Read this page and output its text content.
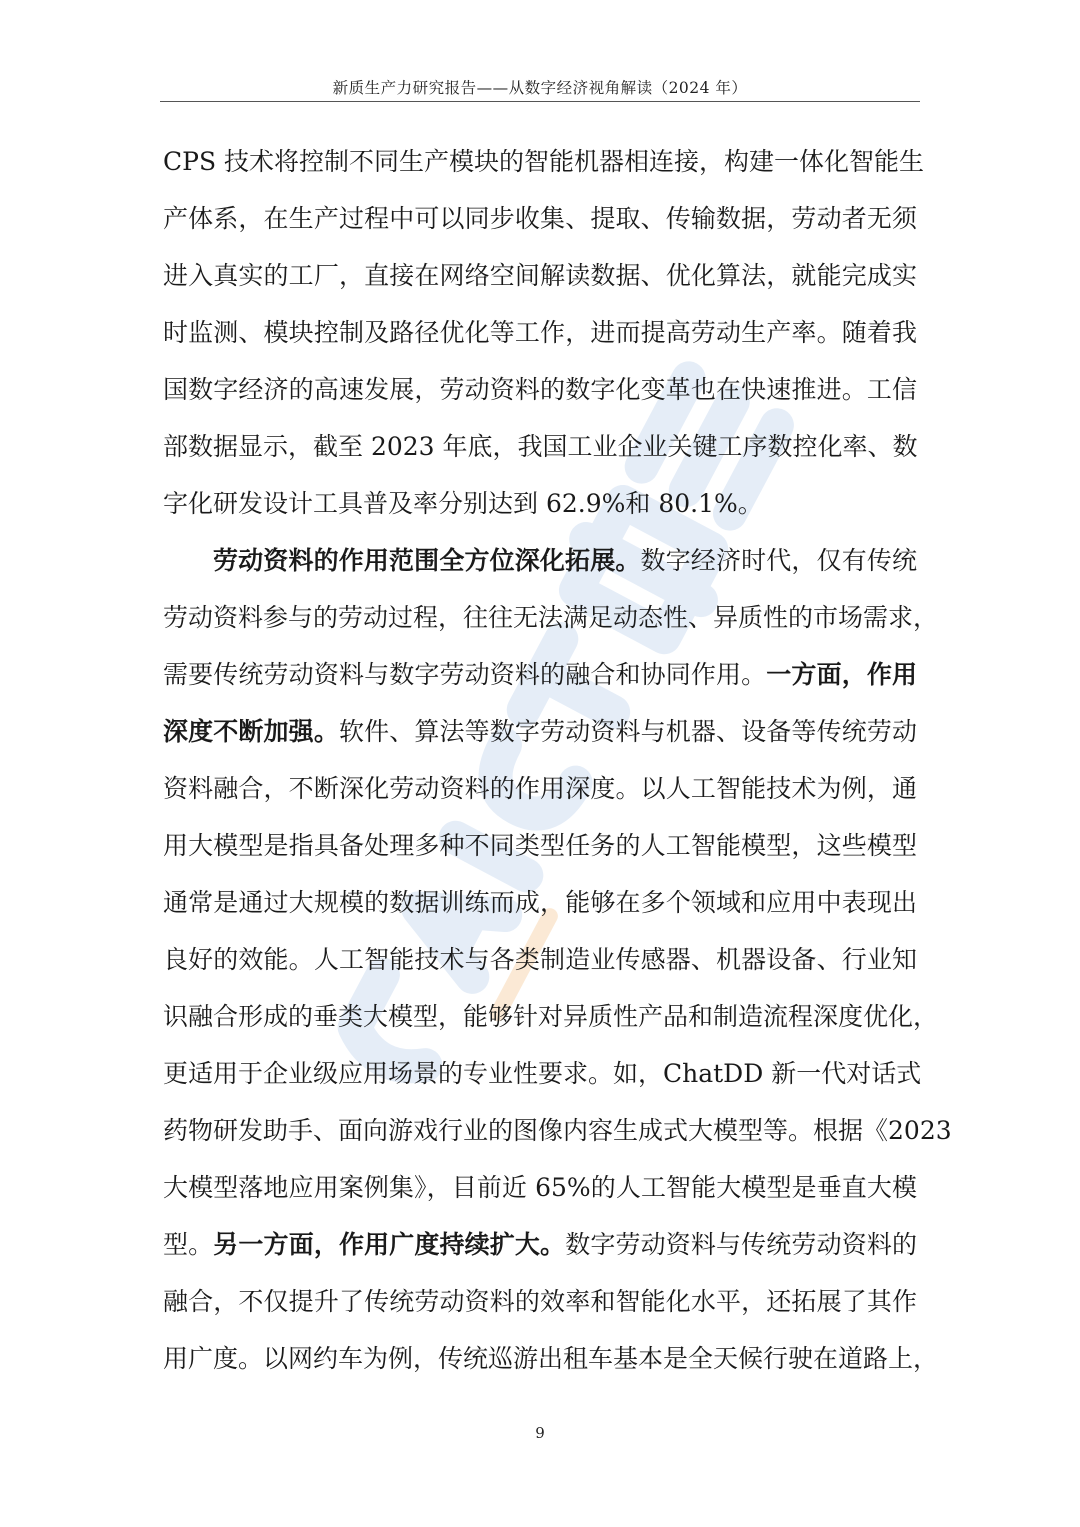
新质生产力研究报告——从数字经济视角解读（2024 年）
CPS 技术将控制不同生产模块的智能机器相连接，构建一体化智能生
产体系，在生产过程中可以同步收集、提取、传输数据，劳动者无须
进入真实的工厂，直接在网络空间解读数据、优化算法，就能完成实
时监测、模块控制及路径优化等工作，进而提高劳动生产率。随着我
国数字经济的高速发展，劳动资料的数字化变革也在快速推进。工信
部数据显示，截至 2023 年底，我国工业企业关键工序数控化率、数
字化研发设计工具普及率分别达到 62.9%和 80.1%。
劳动资料的作用范围全方位深化拓展。数字经济时代，仅有传统
劳动资料参与的劳动过程，往往无法满足动态性、异质性的市场需求，
需要传统劳动资料与数字劳动资料的融合和协同作用。一方面，作用
深度不断加强。软件、算法等数字劳动资料与机器、设备等传统劳动
资料融合，不断深化劳动资料的作用深度。以人工智能技术为例，通
用大模型是指具备处理多种不同类型任务的人工智能模型，这些模型
通常是通过大规模的数据训练而成，能够在多个领域和应用中表现出
良好的效能。人工智能技术与各类制造业传感器、机器设备、行业知
识融合形成的垂类大模型，能够针对异质性产品和制造流程深度优化，
更适用于企业级应用场景的专业性要求。如，ChatDD 新一代对话式
药物研发助手、面向游戏行业的图像内容生成式大模型等。根据《2023
大模型落地应用案例集》，目前近 65%的人工智能大模型是垂直大模
型。另一方面，作用广度持续扩大。数字劳动资料与传统劳动资料的
融合，不仅提升了传统劳动资料的效率和智能化水平，还拓展了其作
用广度。以网约车为例，传统巡游出租车基本是全天候行驶在道路上，
9
